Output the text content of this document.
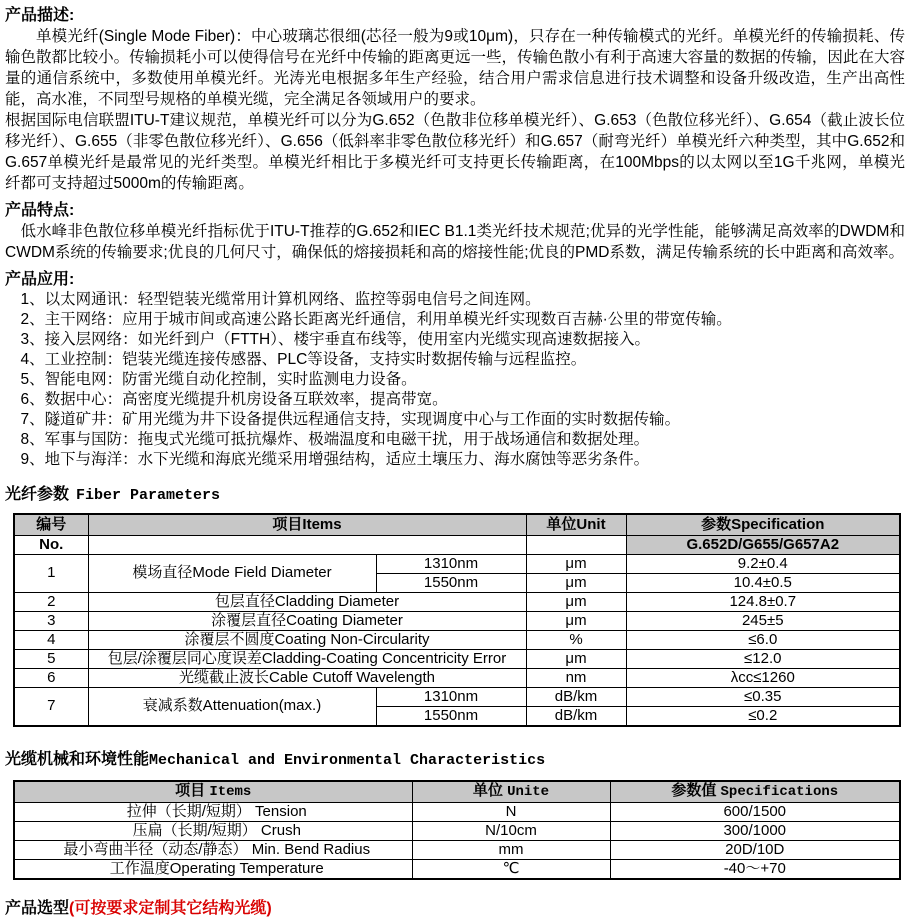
产品描述:

单模光纤(Single Mode Fiber)：中心玻璃芯很细(芯径一般为9或10μm)，只存在一种传输模式的光纤。单模光纤的传输损耗、传输色散都比较小。传输损耗小可以使得信号在光纤中传输的距离更远一些，传输色散小有利于高速大容量的数据的传输，因此在大容量的通信系统中，多数使用单模光纤。光涛光电根据多年生产经验，结合用户需求信息进行技术调整和设备升级改造，生产出高性能，高水准，不同型号规格的单模光缆，完全满足各领域用户的要求。

根据国际电信联盟ITU-T建议规范，单模光纤可以分为G.652（色散非位移单模光纤）、G.653（色散位移光纤）、G.654（截止波长位移光纤）、G.655（非零色散位移光纤）、G.656（低斜率非零色散位移光纤）和G.657（耐弯光纤）单模光纤六种类型，其中G.652和G.657单模光纤是最常见的光纤类型。单模光纤相比于多模光纤可支持更长传输距离，在100Mbps的以太网以至1G千兆网，单模光纤都可支持超过5000m的传输距离。

产品特点:

低水峰非色散位移单模光纤指标优于ITU-T推荐的G.652和IEC B1.1类光纤技术规范;优异的光学性能，能够满足高效率的DWDM和CWDM系统的传输要求;优良的几何尺寸，确保低的熔接损耗和高的熔接性能;优良的PMD系数，满足传输系统的长中距离和高效率。

产品应用:
1、以太网通讯：轻型铠装光缆常用计算机网络、监控等弱电信号之间连网。
2、主干网络：应用于城市间或高速公路长距离光纤通信，利用单模光纤实现数百吉赫·公里的带宽传输。
3、接入层网络：如光纤到户（FTTH）、楼宇垂直布线等，使用室内光缆实现高速数据接入。
4、工业控制：铠装光缆连接传感器、PLC等设备，支持实时数据传输与远程监控。
5、智能电网：防雷光缆自动化控制，实时监测电力设备。
6、数据中心：高密度光缆提升机房设备互联效率，提高带宽。
7、隧道矿井：矿用光缆为井下设备提供远程通信支持，实现调度中心与工作面的实时数据传输。
8、军事与国防：拖曳式光缆可抵抗爆炸、极端温度和电磁干扰，用于战场通信和数据处理。
9、地下与海洋：水下光缆和海底光缆采用增强结构，适应土壤压力、海水腐蚀等恶劣条件。
光纤参数 Fiber Parameters
编号	项目Items		单位Unit	参数Specification
No.				G.652D/G655/G657A2
1	模场直径Mode Field Diameter	1310nm	μm	9.2±0.4
		1550nm	μm	10.4±0.5
2	包层直径Cladding Diameter		μm	124.8±0.7
3	涂覆层直径Coating Diameter		μm	245±5
4	涂覆层不圆度Coating Non-Circularity		%	≤6.0
5	包层/涂覆层同心度误差Cladding-Coating Concentricity Error		μm	≤12.0
6	光缆截止波长Cable Cutoff Wavelength		nm	λcc≤1260
7	衰减系数Attenuation(max.)	1310nm	dB/km	≤0.35
		1550nm	dB/km	≤0.2
光缆机械和环境性能Mechanical and Environmental Characteristics
项目 Items	单位 Unite	参数值 Specifications
拉伸（长期/短期） Tension	N	600/1500
压扁（长期/短期） Crush	N/10cm	300/1000
最小弯曲半径（动态/静态） Min. Bend Radius	mm	20D/10D
工作温度Operating Temperature	℃	-40～+70
产品选型(可按要求定制其它结构光缆)
